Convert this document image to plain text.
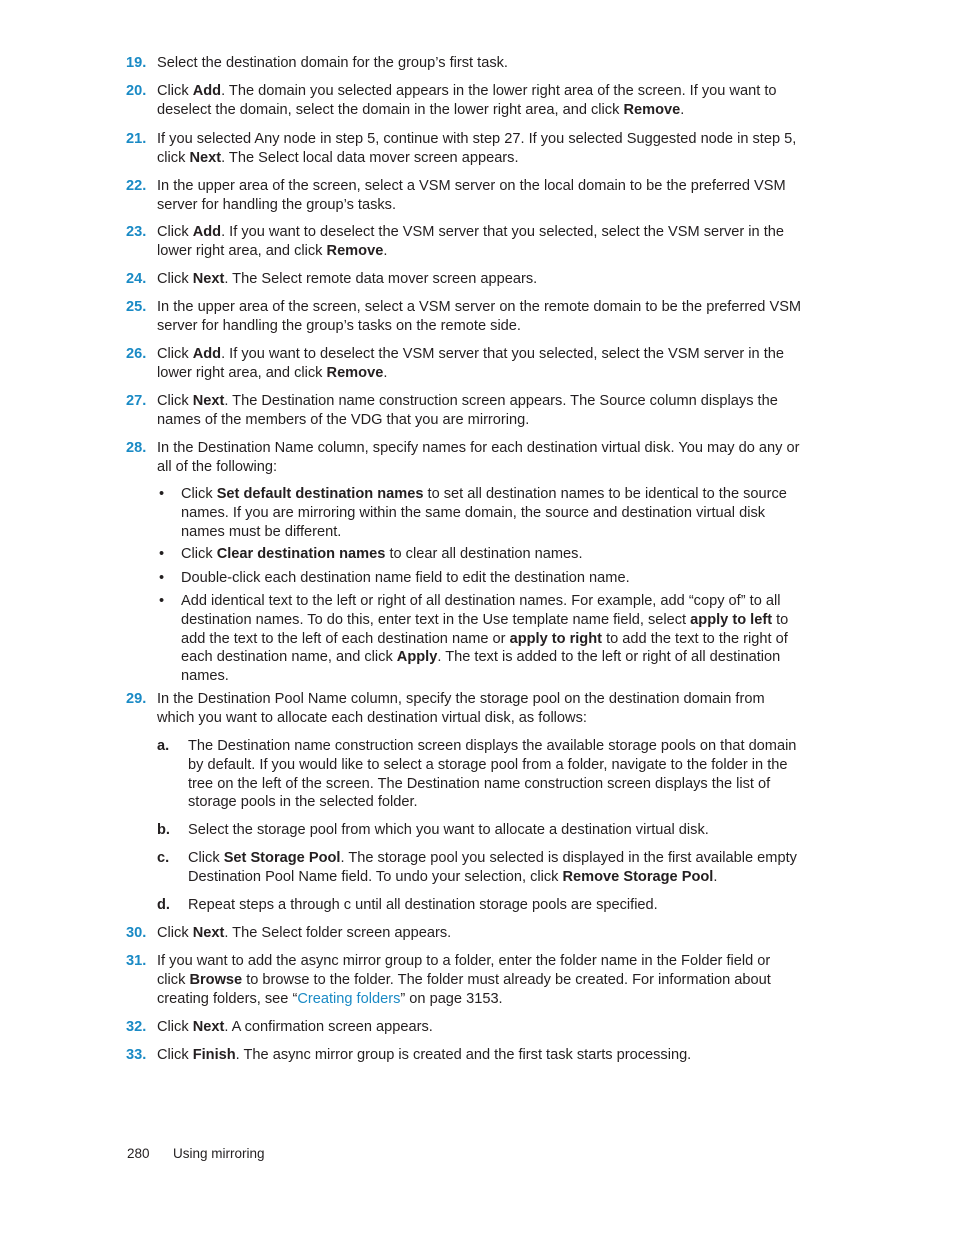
19. Select the destination domain for the group’s first task.
20. Click Add. The domain you selected appears in the lower right area of the screen. If you want to deselect the domain, select the domain in the lower right area, and click Remove.
21. If you selected Any node in step 5, continue with step 27. If you selected Suggested node in step 5, click Next. The Select local data mover screen appears.
22. In the upper area of the screen, select a VSM server on the local domain to be the preferred VSM server for handling the group’s tasks.
23. Click Add. If you want to deselect the VSM server that you selected, select the VSM server in the lower right area, and click Remove.
24. Click Next. The Select remote data mover screen appears.
25. In the upper area of the screen, select a VSM server on the remote domain to be the preferred VSM server for handling the group’s tasks on the remote side.
26. Click Add. If you want to deselect the VSM server that you selected, select the VSM server in the lower right area, and click Remove.
27. Click Next. The Destination name construction screen appears. The Source column displays the names of the members of the VDG that you are mirroring.
28. In the Destination Name column, specify names for each destination virtual disk. You may do any or all of the following:
• Click Set default destination names to set all destination names to be identical to the source names. If you are mirroring within the same domain, the source and destination virtual disk names must be different.
• Click Clear destination names to clear all destination names.
• Double-click each destination name field to edit the destination name.
• Add identical text to the left or right of all destination names. For example, add “copy of” to all destination names. To do this, enter text in the Use template name field, select apply to left to add the text to the left of each destination name or apply to right to add the text to the right of each destination name, and click Apply. The text is added to the left or right of all destination names.
29. In the Destination Pool Name column, specify the storage pool on the destination domain from which you want to allocate each destination virtual disk, as follows:
a. The Destination name construction screen displays the available storage pools on that domain by default. If you would like to select a storage pool from a folder, navigate to the folder in the tree on the left of the screen. The Destination name construction screen displays the list of storage pools in the selected folder.
b. Select the storage pool from which you want to allocate a destination virtual disk.
c. Click Set Storage Pool. The storage pool you selected is displayed in the first available empty Destination Pool Name field. To undo your selection, click Remove Storage Pool.
d. Repeat steps a through c until all destination storage pools are specified.
30. Click Next. The Select folder screen appears.
31. If you want to add the async mirror group to a folder, enter the folder name in the Folder field or click Browse to browse to the folder. The folder must already be created. For information about creating folders, see “Creating folders” on page 3153.
32. Click Next. A confirmation screen appears.
33. Click Finish. The async mirror group is created and the first task starts processing.
280 Using mirroring
